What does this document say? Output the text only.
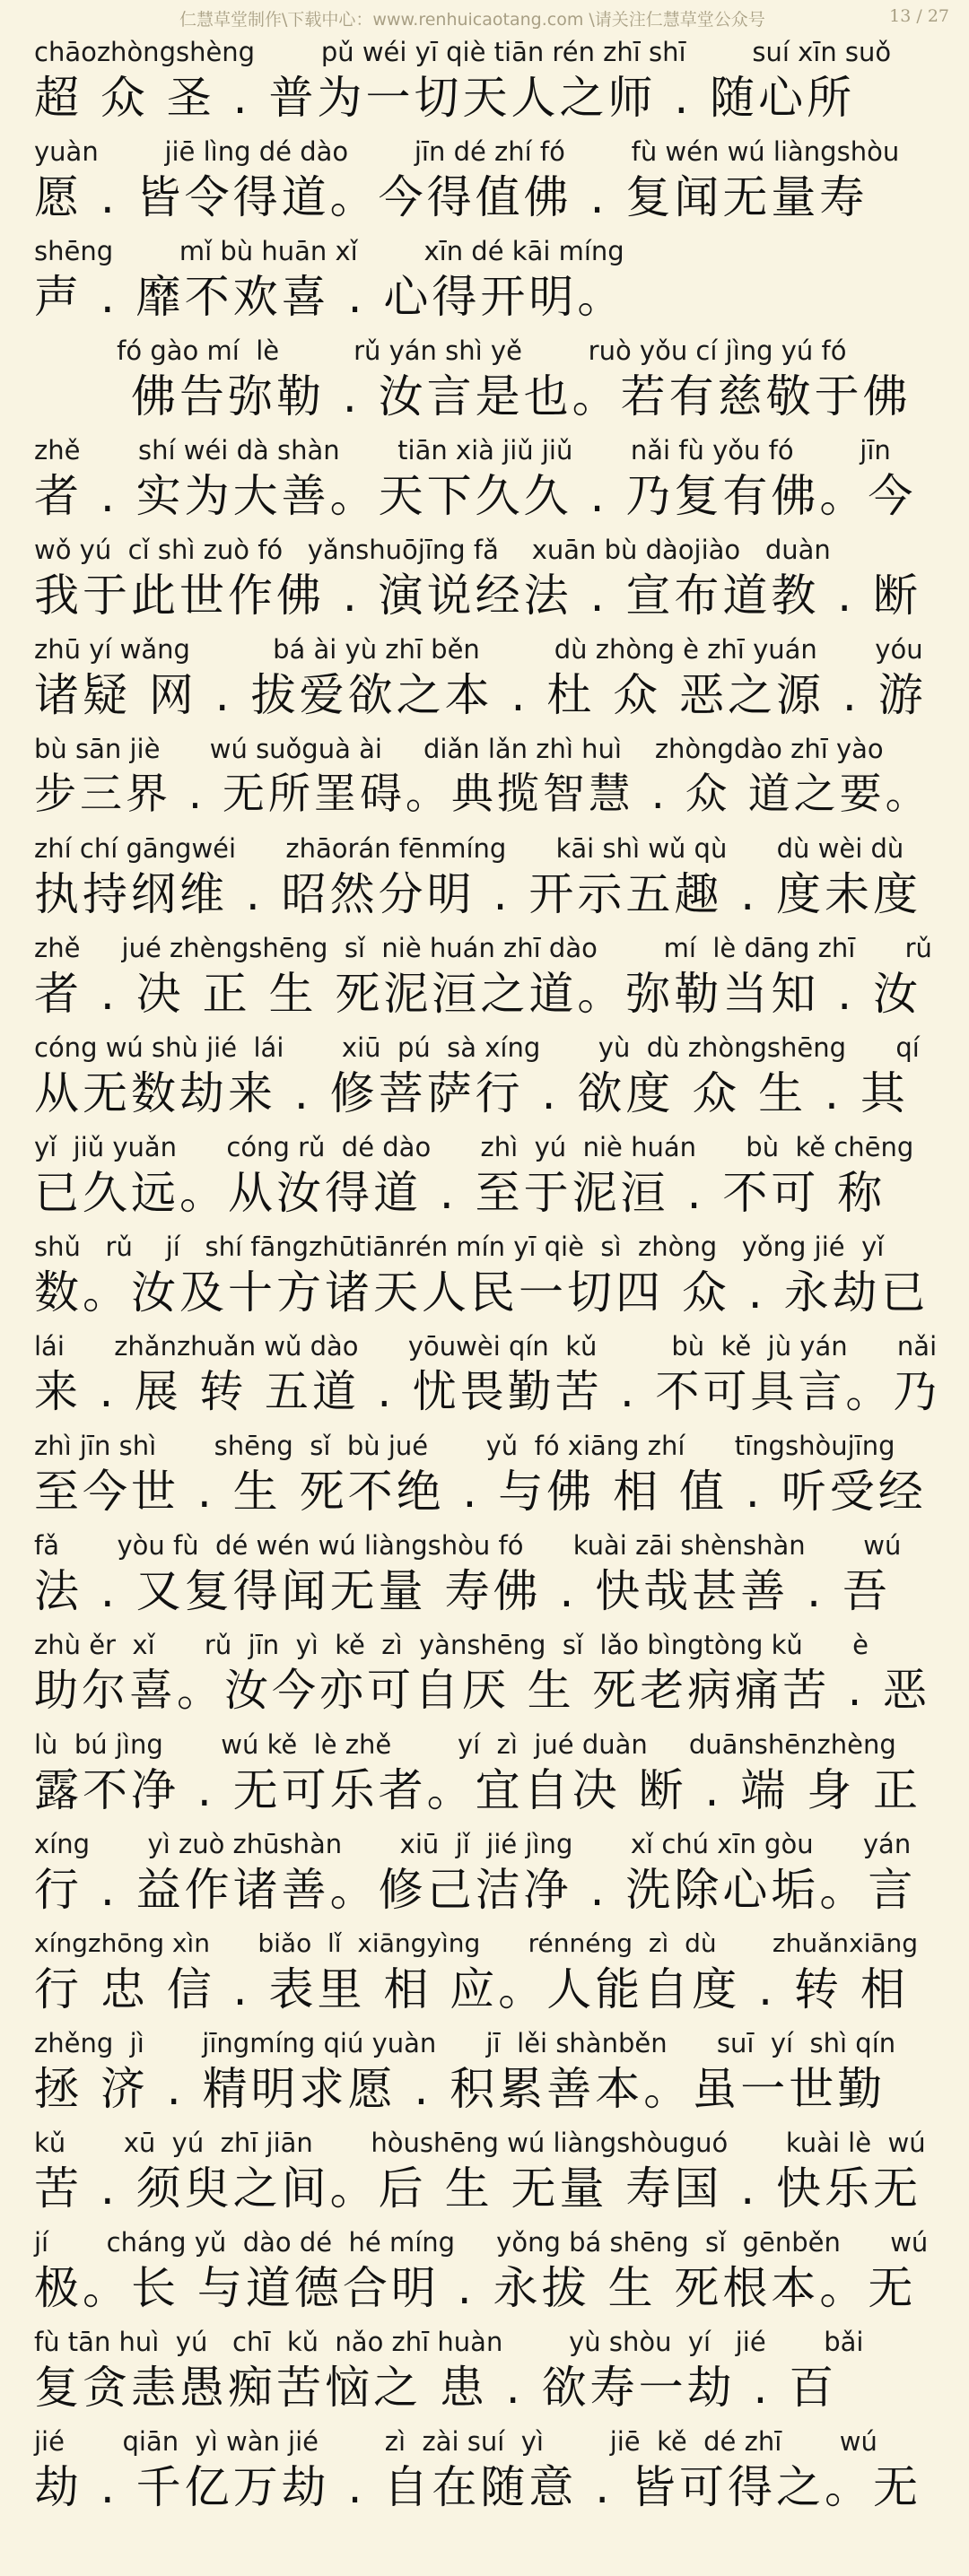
仁慧草堂制作\下载中心：www.renhuicaotang.com \请关注仁慧草堂公众号	13 / 27
chāozhòngshèng        pǔ wéi yī qiè tiān rén zhī shī        suí xīn suǒ
超 众 圣 . 普为一切天人之师 . 随心所
yuàn        jiē lìng dé dào        jīn dé zhí fó        fù wén wú liàngshòu
愿 . 皆令得道。今得值佛 . 复闻无量寿
shēng        mǐ bù huān xǐ        xīn dé kāi míng
声 . 靡不欢喜 . 心得开明。
fó gào mí  lè         rǔ yán shì yě        ruò yǒu cí jìng yú fó
　　佛告弥勒 . 汝言是也。若有慈敬于佛
zhě       shí wéi dà shàn       tiān xià jiǔ jiǔ       nǎi fù yǒu fó        jīn
者 . 实为大善。天下久久 . 乃复有佛。今
wǒ yú  cǐ shì zuò fó   yǎnshuōjīng fǎ    xuān bù dàojiào   duàn
我于此世作佛 . 演说经法 . 宣布道教 . 断
zhū yí wǎng          bá ài yù zhī běn         dù zhòng è zhī yuán       yóu
诸疑 网 . 拔爱欲之本 . 杜 众 恶之源 . 游
bù sān jiè      wú suǒguà ài     diǎn lǎn zhì huì    zhòngdào zhī yào
步三界 . 无所罣碍。典揽智慧 . 众 道之要。
zhí chí gāngwéi      zhāorán fēnmíng      kāi shì wǔ qù      dù wèi dù
执持纲维 . 昭然分明 . 开示五趣 . 度未度
zhě     jué zhèngshēng  sǐ  niè huán zhī dào        mí  lè dāng zhī      rǔ
者 . 决 正 生 死泥洹之道。弥勒当知 . 汝
cóng wú shù jié  lái       xiū  pú  sà xíng       yù  dù zhòngshēng      qí
从无数劫来 . 修菩萨行 . 欲度 众 生 . 其
yǐ  jiǔ yuǎn      cóng rǔ  dé dào      zhì  yú  niè huán      bù  kě chēng
已久远。从汝得道 . 至于泥洹 . 不可 称
shǔ   rǔ    jí   shí fāngzhūtiānrén mín yī qiè  sì  zhòng   yǒng jié  yǐ
数。汝及十方诸天人民一切四 众 . 永劫已
lái      zhǎnzhuǎn wǔ dào      yōuwèi qín  kǔ         bù  kě  jù yán      nǎi
来 . 展 转 五道 . 忧畏勤苦 . 不可具言。乃
zhì jīn shì       shēng  sǐ  bù jué       yǔ  fó xiāng zhí      tīngshòujīng
至今世 . 生 死不绝 . 与佛 相 值 . 听受经
fǎ       yòu fù  dé wén wú liàngshòu fó      kuài zāi shènshàn       wú
法 . 又复得闻无量 寿佛 . 快哉甚善 . 吾
zhù ěr  xǐ      rǔ  jīn  yì  kě  zì  yànshēng  sǐ  lǎo bìngtòng kǔ      è
助尔喜。汝今亦可自厌 生 死老病痛苦 . 恶
lù  bú jìng       wú kě  lè zhě        yí  zì  jué duàn     duānshēnzhèng
露不净 . 无可乐者。宜自决 断 . 端 身 正
xíng       yì zuò zhūshàn       xiū  jǐ  jié jìng       xǐ chú xīn gòu      yán
行 . 益作诸善。修己洁净 . 洗除心垢。言
xíngzhōng xìn      biǎo  lǐ  xiāngyìng      rénnéng  zì  dù       zhuǎnxiāng
行 忠 信 . 表里 相 应。人能自度 . 转 相
zhěng  jì       jīngmíng qiú yuàn      jī  lěi shànběn      suī  yí  shì qín
拯 济 . 精明求愿 . 积累善本。虽一世勤
kǔ       xū  yú  zhī jiān       hòushēng wú liàngshòuguó       kuài lè  wú
苦 . 须臾之间。后 生 无量 寿国 . 快乐无
jí       cháng yǔ  dào dé  hé míng     yǒng bá shēng  sǐ  gēnběn      wú
极。长 与道德合明 . 永拔 生 死根本。无
fù tān huì  yú   chī  kǔ  nǎo zhī huàn        yù shòu  yí   jié       bǎi
复贪恚愚痴苦恼之 患 . 欲寿一劫 . 百
jié       qiān  yì wàn jié        zì  zài suí  yì        jiē  kě  dé zhī       wú
劫 . 千亿万劫 . 自在随意 . 皆可得之。无
